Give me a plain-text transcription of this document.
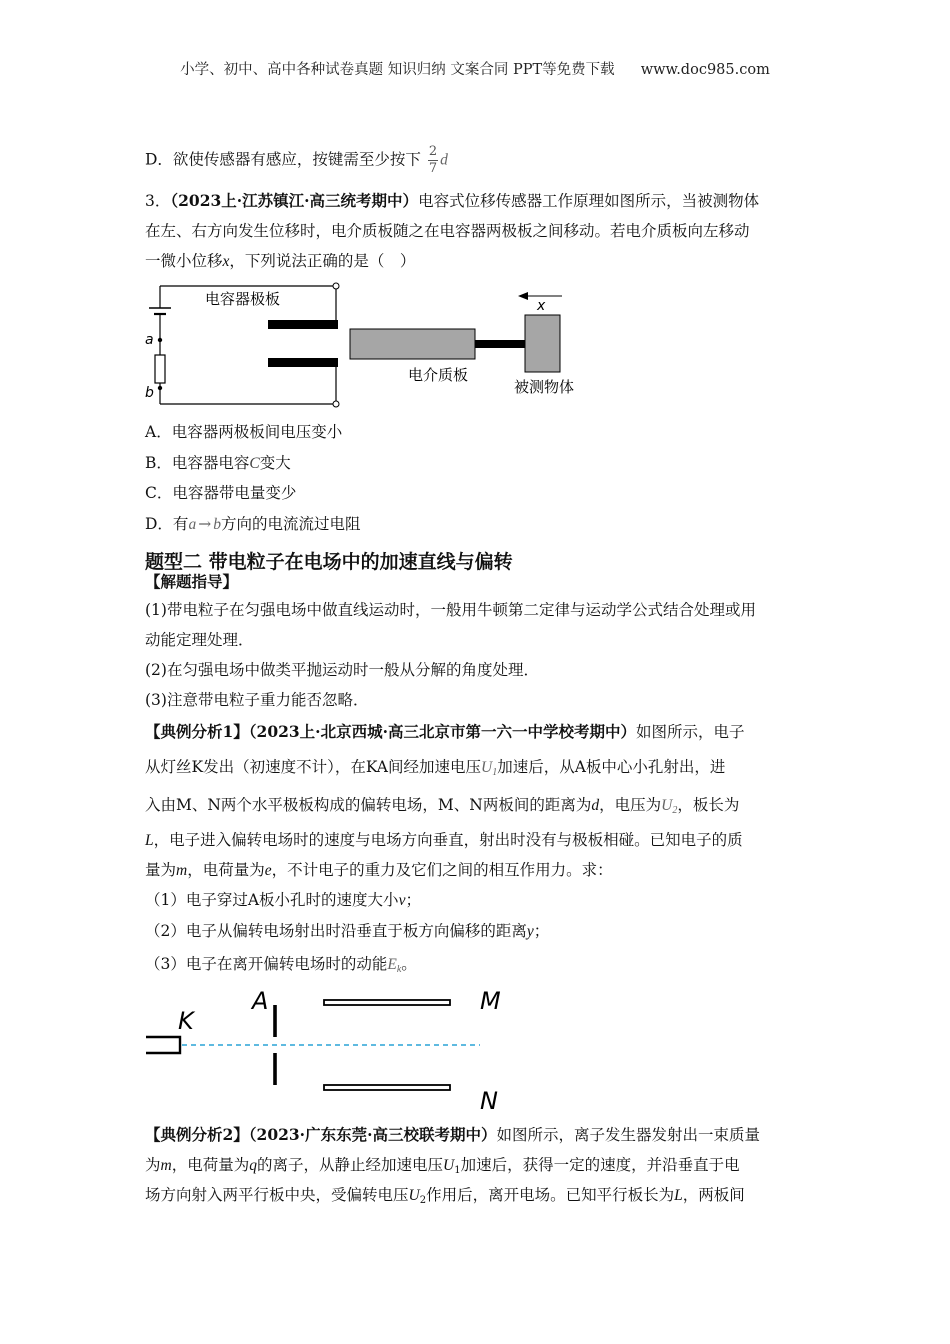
小学、初中、高中各种试卷真题 知识归纳 文案合同 PPT等免费下载 www.doc985.com
D．欲使传感器有感应，按键需至少按下 $\frac{2}{7}$ d
3．（2023上·江苏镇江·高三统考期中）电容式位移传感器工作原理如图所示，当被测物体
在左、右方向发生位移时，电介质板随之在电容器两极板之间移动。若电介质板向左移动
一微小位移x，下列说法正确的是（　）
x
电容器极板
电介质板
被测物体
a
b
A．电容器两极板间电压变小
B．电容器电容C变大
C．电容器带电量变少
D．有a → b方向的电流流过电阻
题型二 带电粒子在电场中的加速直线与偏转
【解题指导】
(1)带电粒子在匀强电场中做直线运动时，一般用牛顿第二定律与运动学公式结合处理或用
动能定理处理．
(2)在匀强电场中做类平抛运动时一般从分解的角度处理．
(3)注意带电粒子重力能否忽略．
【典例分析1】（2023上·北京西城·高三北京市第一六一中学校考期中）如图所示，电子
从灯丝K发出（初速度不计），在KA间经加速电压$U_1$加速后，从A板中心小孔射出，进
入由M、N两个水平极板构成的偏转电场，M、N两板间的距离为d，电压为$U_2$，板长为
L，电子进入偏转电场时的速度与电场方向垂直，射出时没有与极板相碰。已知电子的质
量为m，电荷量为e，不计电子的重力及它们之间的相互作用力。求：
（1）电子穿过A板小孔时的速度大小v；
（2）电子从偏转电场射出时沿垂直于板方向偏移的距离y；
（3）电子在离开偏转电场时的动能$E_k$。
K
A	M
N
【典例分析2】（2023·广东东莞·高三校联考期中）如图所示，离子发生器发射出一束质量
为m，电荷量为q的离子，从静止经加速电压$U_1$加速后，获得一定的速度，并沿垂直于电
场方向射入两平行板中央，受偏转电压$U_2$作用后，离开电场。已知平行板长为L，两板间
